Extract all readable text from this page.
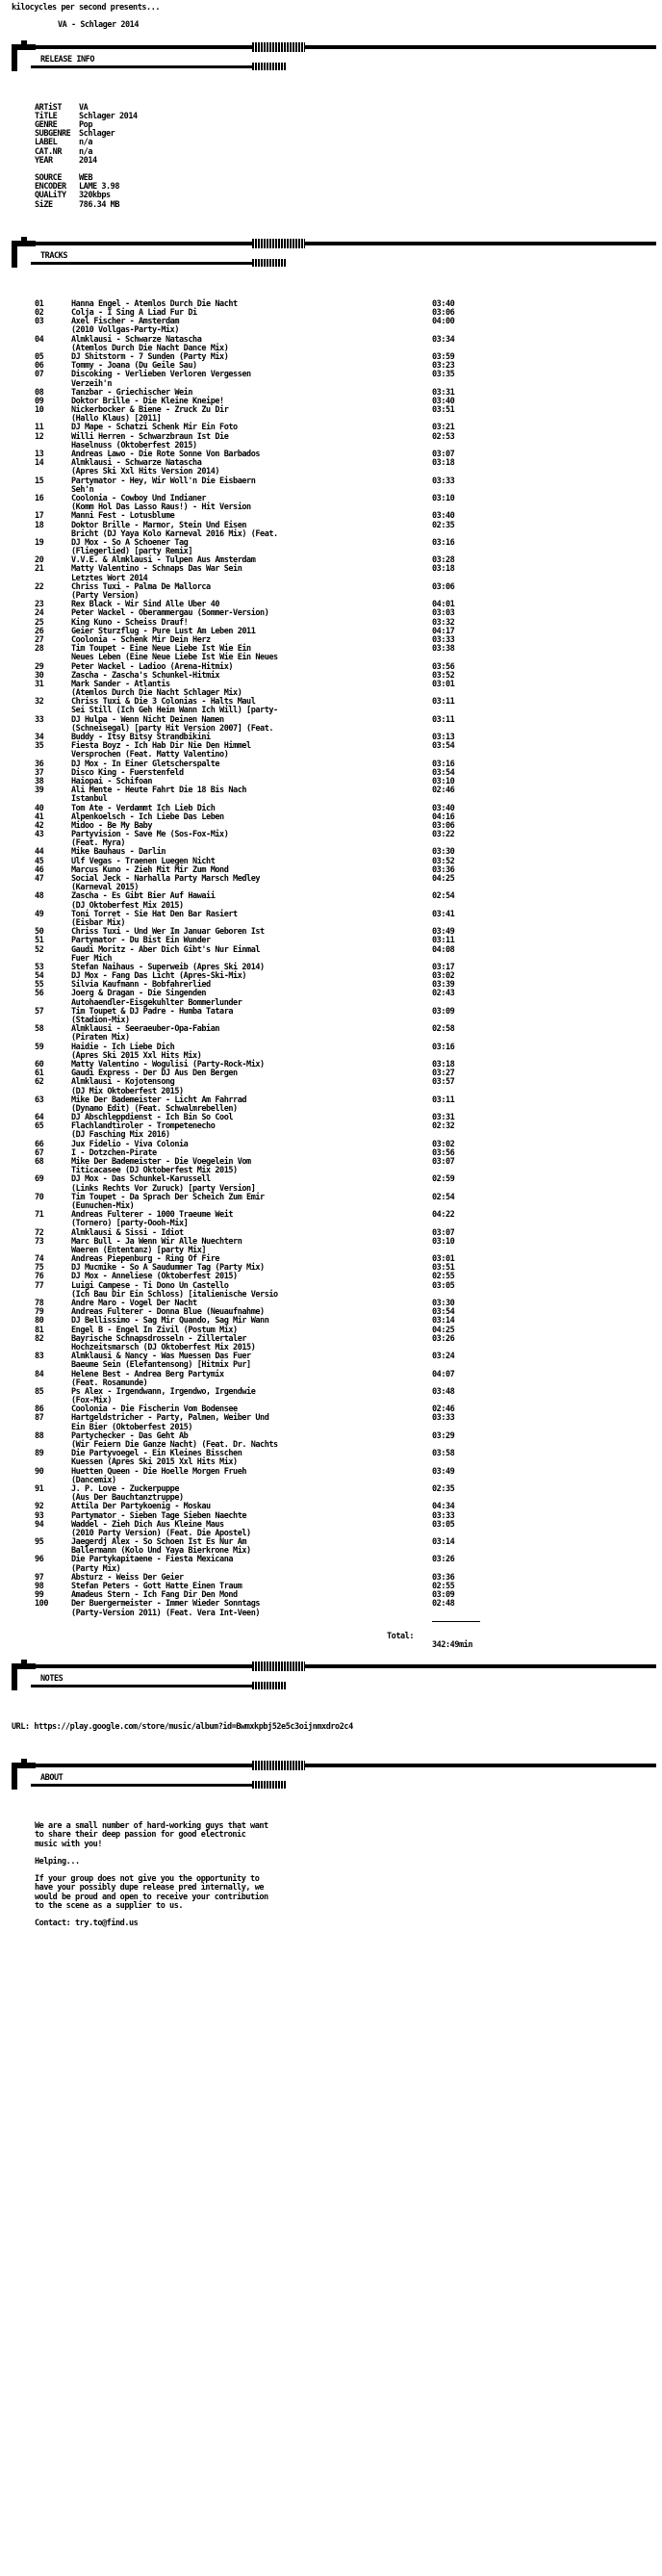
kilocycles per second presents...

VA - Schlager 2014
RELEASE INFO
ARTiST VA
TiTLE	Schlager 2014
GENRE	Pop
SUBGENRE Schlager
LABEL	n/a
CAT.NR n/a
YEAR	2014

SOURCE WEB
ENCODER LAME 3.98
QUALiTY 320kbps
SiZE	786.34 MB
TRACKS
01	Hanna Engel - Atemlos Durch Die Nacht	03:40
02	Colja - I Sing A Liad Fur Di	03:06
03	Axel Fischer - Amsterdam	04:00
(2010 Vollgas-Party-Mix)
04	Almklausi - Schwarze Natascha	03:34
(Atemlos Durch Die Nacht Dance Mix)
05	DJ Shitstorm - 7 Sunden (Party Mix)	03:59
06	Tommy - Joana (Du Geile Sau)	03:23
07	Discoking - Verlieben Verloren Vergessen	03:35
Verzeih'n
08	Tanzbar - Griechischer Wein	03:31
09	Doktor Brille - Die Kleine Kneipe!	03:40
10	Nickerbocker & Biene - Zruck Zu Dir	03:51
(Hallo Klaus) [2011]
11	DJ Mape - Schatzi Schenk Mir Ein Foto	03:21
12	Willi Herren - Schwarzbraun Ist Die	02:53
Haselnuss (Oktoberfest 2015)
13	Andreas Lawo - Die Rote Sonne Von Barbados	03:07
14	Almklausi - Schwarze Natascha	03:18
(Apres Ski Xxl Hits Version 2014)
15	Partymator - Hey, Wir Woll'n Die Eisbaern	03:33
Seh'n
16	Coolonia - Cowboy Und Indianer	03:10
(Komm Hol Das Lasso Raus!) - Hit Version
17	Manni Fest - Lotusblume	03:40
18	Doktor Brille - Marmor, Stein Und Eisen	02:35
Bricht (DJ Yaya Kolo Karneval 2016 Mix) (Feat.
19	DJ Mox - So A Schoener Tag	03:16
(Fliegerlied) [party Remix]
20	V.V.E. & Almklausi - Tulpen Aus Amsterdam	03:28
21	Matty Valentino - Schnaps Das War Sein	03:18
Letztes Wort 2014
22	Chriss Tuxi - Palma De Mallorca	03:06
(Party Version)
23	Rex Black - Wir Sind Alle Uber 40	04:01
24	Peter Wackel - Oberammergau (Sommer-Version)	03:03
25	King Kuno - Scheiss Drauf!	03:32
26	Geier Sturzflug - Pure Lust Am Leben 2011	04:17
27	Coolonia - Schenk Mir Dein Herz	03:33
28	Tim Toupet - Eine Neue Liebe Ist Wie Ein	03:38
Neues Leben (Eine Neue Liebe Ist Wie Ein Neues
29	Peter Wackel - Ladioo (Arena-Hitmix)	03:56
30	Zascha - Zascha's Schunkel-Hitmix	03:52
31	Mark Sander - Atlantis	03:01
(Atemlos Durch Die Nacht Schlager Mix)
32	Chriss Tuxi & Die 3 Colonias - Halts Maul	03:11
Sei Still (Ich Geh Heim Wann Ich Will) [party-
33	DJ Hulpa - Wenn Nicht Deinen Namen	03:11
(Schneisegal) [party Hit Version 2007] (Feat.
34	Buddy - Itsy Bitsy Strandbikini	03:13
35	Fiesta Boyz - Ich Hab Dir Nie Den Himmel	03:54
Versprochen (Feat. Matty Valentino)
36	DJ Mox - In Einer Gletscherspalte	03:16
37	Disco King - Fuerstenfeld	03:54
38	Haiopai - Schifoan	03:10
39	Ali Mente - Heute Fahrt Die 18 Bis Nach	02:46
Istanbul
40	Tom Ate - Verdammt Ich Lieb Dich	03:40
41	Alpenkoelsch - Ich Liebe Das Leben	04:16
42	Midoo - Be My Baby	03:06
43	Partyvision - Save Me (Sos-Fox-Mix)	03:22
(Feat. Myra)
44	Mike Bauhaus - Darlin	03:30
45	Ulf Vegas - Traenen Luegen Nicht	03:52
46	Marcus Kuno - Zieh Mit Mir Zum Mond	03:36
47	Social Jeck - Narhalla Party Marsch Medley	04:25
(Karneval 2015)
48	Zascha - Es Gibt Bier Auf Hawaii	02:54
(DJ Oktoberfest Mix 2015)
49	Toni Torret - Sie Hat Den Bar Rasiert	03:41
(Eisbar Mix)
50	Chriss Tuxi - Und Wer Im Januar Geboren Ist	03:49
51	Partymator - Du Bist Ein Wunder	03:11
52	Gaudi Moritz - Aber Dich Gibt's Nur Einmal	04:08
Fuer Mich
53	Stefan Naihaus - Superweib (Apres Ski 2014)	03:17
54	DJ Mox - Fang Das Licht (Apres-Ski-Mix)	03:02
55	Silvia Kaufmann - Bobfahrerlied	03:39
56	Joerg & Dragan - Die Singenden	02:43
Autohaendler-Eisgekuhlter Bommerlunder
57	Tim Toupet & DJ Padre - Humba Tatara	03:09
(Stadion-Mix)
58	Almklausi - Seeraeuber-Opa-Fabian	02:58
(Piraten Mix)
59	Haidie - Ich Liebe Dich	03:16
(Apres Ski 2015 Xxl Hits Mix)
60	Matty Valentino - Wogulisi (Party-Rock-Mix)	03:18
61	Gaudi Express - Der DJ Aus Den Bergen	03:27
62	Almklausi - Kojotensong	03:57
(DJ Mix Oktoberfest 2015)
63	Mike Der Bademeister - Licht Am Fahrrad	03:11
(Dynamo Edit) (Feat. Schwalmrebellen)
64	DJ Abschleppdienst - Ich Bin So Cool	03:31
65	Flachlandtiroler - Trompetenecho	02:32
(DJ Fasching Mix 2016)
66	Jux Fidelio - Viva Colonia	03:02
67	I - Dotzchen-Pirate	03:56
68	Mike Der Bademeister - Die Voegelein Vom	03:07
Titicacasee (DJ Oktoberfest Mix 2015)
69	DJ Mox - Das Schunkel-Karussell	02:59
(Links Rechts Vor Zuruck) [party Version]
70	Tim Toupet - Da Sprach Der Scheich Zum Emir	02:54
(Eunuchen-Mix)
71	Andreas Fulterer - 1000 Traeume Weit	04:22
(Tornero) [party-Oooh-Mix]
72	Almklausi & Sissi - Idiot	03:07
73	Marc Bull - Ja Wenn Wir Alle Nuechtern	03:10
Waeren (Ententanz) [party Mix]
74	Andreas Piepenburg - Ring Of Fire	03:01
75	DJ Mucmike - So A Saudummer Tag (Party Mix)	03:51
76	DJ Mox - Anneliese (Oktoberfest 2015)	02:55
77	Luigi Campese - Ti Dono Un Castello	03:05
(Ich Bau Dir Ein Schloss) [italienische Versio
78	Andre Maro - Vogel Der Nacht	03:30
79	Andreas Fulterer - Donna Blue (Neuaufnahme)	03:54
80	DJ Bellissimo - Sag Mir Quando, Sag Mir Wann	03:14
81	Engel B - Engel In Zivil (Postum Mix)	04:25
82	Bayrische Schnapsdrosseln - Zillertaler	03:26
Hochzeitsmarsch (DJ Oktoberfest Mix 2015)
83	Almklausi & Nancy - Was Muessen Das Fuer	03:24
Baeume Sein (Elefantensong) [Hitmix Pur]
84	Helene Best - Andrea Berg Partymix	04:07
(Feat. Rosamunde)
85	Ps Alex - Irgendwann, Irgendwo, Irgendwie	03:48
(Fox-Mix)
86	Coolonia - Die Fischerin Vom Bodensee	02:46
87	Hartgeldstricher - Party, Palmen, Weiber Und	03:33
Ein Bier (Oktoberfest 2015)
88	Partychecker - Das Geht Ab	03:29
(Wir Feiern Die Ganze Nacht) (Feat. Dr. Nachts
89	Die Partyvoegel - Ein Kleines Bisschen	03:58
Kuessen (Apres Ski 2015 Xxl Hits Mix)
90	Huetten Queen - Die Hoelle Morgen Frueh	03:49
(Dancemix)
91	J. P. Love - Zuckerpuppe	02:35
(Aus Der Bauchtanztruppe)
92	Attila Der Partykoenig - Moskau	04:34
93	Partymator - Sieben Tage Sieben Naechte	03:33
94	Waddel - Zieh Dich Aus Kleine Maus	03:05
(2010 Party Version) (Feat. Die Apostel)
95	Jaegerdj Alex - So Schoen Ist Es Nur Am	03:14
Ballermann (Kolo Und Yaya Bierkrone Mix)
96	Die Partykapitaene - Fiesta Mexicana	03:26
(Party Mix)
97	Absturz - Weiss Der Geier	03:36
98	Stefan Peters - Gott Hatte Einen Traum	02:55
99	Amadeus Stern - Ich Fang Dir Den Mond	03:09
100	Der Buergermeister - Immer Wieder Sonntags	02:48
(Party-Version 2011) (Feat. Vera Int-Veen)

Total:

342:49min

NOTES
URL: https://play.google.com/store/music/album?id=Bwmxkpbj52e5c3oijnmxdro2c4
ABOUT
We are a small number of hard-working guys that want
to share their deep passion for good electronic
music with you!

Helping...

If your group does not give you the opportunity to
have your possibly dupe release pred internally, we
would be proud and open to receive your contribution
to the scene as a supplier to us.

Contact: try.to@find.us
